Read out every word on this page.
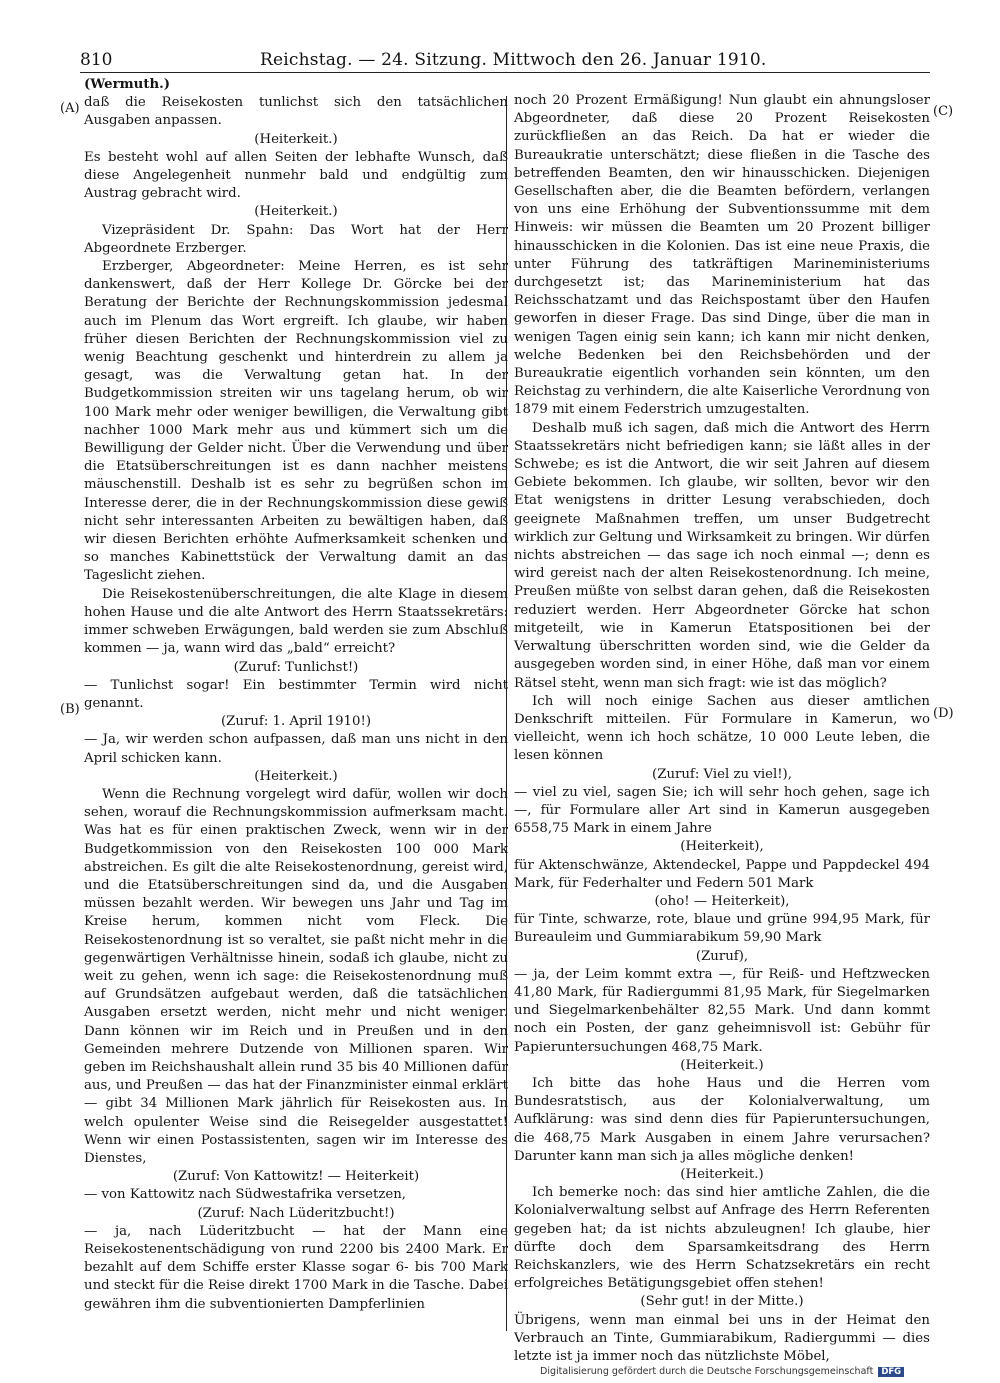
810	Reichstag. — 24. Sitzung. Mittwoch den 26. Januar 1910.
(A)
(B)
(C)
(D)

(Wermuth.)

daß die Reisekosten tunlichst sich den tatsächlichen Ausgaben anpassen.

(Heiterkeit.)

Es besteht wohl auf allen Seiten der lebhafte Wunsch, daß diese Angelegenheit nunmehr bald und endgültig zum Austrag gebracht wird.

(Heiterkeit.)

Vizepräsident Dr. Spahn: Das Wort hat der Herr Abgeordnete Erzberger.

Erzberger, Abgeordneter: Meine Herren, es ist sehr dankenswert, daß der Herr Kollege Dr. Görcke bei der Beratung der Berichte der Rechnungskommission jedesmal auch im Plenum das Wort ergreift. Ich glaube, wir haben früher diesen Berichten der Rechnungskommission viel zu wenig Beachtung geschenkt und hinterdrein zu allem ja gesagt, was die Verwaltung getan hat. In der Budgetkommission streiten wir uns tagelang herum, ob wir 100 Mark mehr oder weniger bewilligen, die Verwaltung gibt nachher 1000 Mark mehr aus und kümmert sich um die Bewilligung der Gelder nicht. Über die Verwendung und über die Etatsüberschreitungen ist es dann nachher meistens mäuschenstill. Deshalb ist es sehr zu begrüßen schon im Interesse derer, die in der Rechnungskommission diese gewiß nicht sehr interessanten Arbeiten zu bewältigen haben, daß wir diesen Berichten erhöhte Aufmerksamkeit schenken und so manches Kabinettstück der Verwaltung damit an das Tageslicht ziehen.

Die Reisekostenüberschreitungen, die alte Klage in diesem hohen Hause und die alte Antwort des Herrn Staatssekretärs: immer schweben Erwägungen, bald werden sie zum Abschluß kommen — ja, wann wird das „bald“ erreicht?

(Zuruf: Tunlichst!)

— Tunlichst sogar! Ein bestimmter Termin wird nicht genannt.

(Zuruf: 1. April 1910!)

— Ja, wir werden schon aufpassen, daß man uns nicht in den April schicken kann.

(Heiterkeit.)

Wenn die Rechnung vorgelegt wird dafür, wollen wir doch sehen, worauf die Rechnungskommission aufmerksam macht. Was hat es für einen praktischen Zweck, wenn wir in der Budgetkommission von den Reisekosten 100 000 Mark abstreichen. Es gilt die alte Reisekostenordnung, gereist wird, und die Etatsüberschreitungen sind da, und die Ausgaben müssen bezahlt werden. Wir bewegen uns Jahr und Tag im Kreise herum, kommen nicht vom Fleck. Die Reisekostenordnung ist so veraltet, sie paßt nicht mehr in die gegenwärtigen Verhältnisse hinein, sodaß ich glaube, nicht zu weit zu gehen, wenn ich sage: die Reisekostenordnung muß auf Grundsätzen aufgebaut werden, daß die tatsächlichen Ausgaben ersetzt werden, nicht mehr und nicht weniger. Dann können wir im Reich und in Preußen und in den Gemeinden mehrere Dutzende von Millionen sparen. Wir geben im Reichshaushalt allein rund 35 bis 40 Millionen dafür aus, und Preußen — das hat der Finanzminister einmal erklärt — gibt 34 Millionen Mark jährlich für Reisekosten aus. In welch opulenter Weise sind die Reisegelder ausgestattet! Wenn wir einen Postassistenten, sagen wir im Interesse des Dienstes,

(Zuruf: Von Kattowitz! — Heiterkeit)

— von Kattowitz nach Südwestafrika versetzen,

(Zuruf: Nach Lüderitzbucht!)

— ja, nach Lüderitzbucht — hat der Mann eine Reisekostenentschädigung von rund 2200 bis 2400 Mark. Er bezahlt auf dem Schiffe erster Klasse sogar 6- bis 700 Mark und steckt für die Reise direkt 1700 Mark in die Tasche. Dabei gewähren ihm die subventionierten Dampferlinien

noch 20 Prozent Ermäßigung! Nun glaubt ein ahnungsloser Abgeordneter, daß diese 20 Prozent Reisekosten zurückfließen an das Reich. Da hat er wieder die Bureaukratie unterschätzt; diese fließen in die Tasche des betreffenden Beamten, den wir hinausschicken. Diejenigen Gesellschaften aber, die die Beamten befördern, verlangen von uns eine Erhöhung der Subventionssumme mit dem Hinweis: wir müssen die Beamten um 20 Prozent billiger hinausschicken in die Kolonien. Das ist eine neue Praxis, die unter Führung des tatkräftigen Marineministeriums durchgesetzt ist; das Marineministerium hat das Reichsschatzamt und das Reichspostamt über den Haufen geworfen in dieser Frage. Das sind Dinge, über die man in wenigen Tagen einig sein kann; ich kann mir nicht denken, welche Bedenken bei den Reichsbehörden und der Bureaukratie eigentlich vorhanden sein könnten, um den Reichstag zu verhindern, die alte Kaiserliche Verordnung von 1879 mit einem Federstrich umzugestalten.

Deshalb muß ich sagen, daß mich die Antwort des Herrn Staatssekretärs nicht befriedigen kann; sie läßt alles in der Schwebe; es ist die Antwort, die wir seit Jahren auf diesem Gebiete bekommen. Ich glaube, wir sollten, bevor wir den Etat wenigstens in dritter Lesung verabschieden, doch geeignete Maßnahmen treffen, um unser Budgetrecht wirklich zur Geltung und Wirksamkeit zu bringen. Wir dürfen nichts abstreichen — das sage ich noch einmal —; denn es wird gereist nach der alten Reisekostenordnung. Ich meine, Preußen müßte von selbst daran gehen, daß die Reisekosten reduziert werden. Herr Abgeordneter Görcke hat schon mitgeteilt, wie in Kamerun Etatspositionen bei der Verwaltung überschritten worden sind, wie die Gelder da ausgegeben worden sind, in einer Höhe, daß man vor einem Rätsel steht, wenn man sich fragt: wie ist das möglich?

Ich will noch einige Sachen aus dieser amtlichen Denkschrift mitteilen. Für Formulare in Kamerun, wo vielleicht, wenn ich hoch schätze, 10 000 Leute leben, die lesen können

(Zuruf: Viel zu viel!),

— viel zu viel, sagen Sie; ich will sehr hoch gehen, sage ich —, für Formulare aller Art sind in Kamerun ausgegeben 6558,75 Mark in einem Jahre

(Heiterkeit),

für Aktenschwänze, Aktendeckel, Pappe und Pappdeckel 494 Mark, für Federhalter und Federn 501 Mark

(oho! — Heiterkeit),

für Tinte, schwarze, rote, blaue und grüne 994,95 Mark, für Bureauleim und Gummiarabikum 59,90 Mark

(Zuruf),

— ja, der Leim kommt extra —, für Reiß- und Heftzwecken 41,80 Mark, für Radiergummi 81,95 Mark, für Siegelmarken und Siegelmarkenbehälter 82,55 Mark. Und dann kommt noch ein Posten, der ganz geheimnisvoll ist: Gebühr für Papieruntersuchungen 468,75 Mark.

(Heiterkeit.)

Ich bitte das hohe Haus und die Herren vom Bundesratstisch, aus der Kolonialverwaltung, um Aufklärung: was sind denn dies für Papieruntersuchungen, die 468,75 Mark Ausgaben in einem Jahre verursachen? Darunter kann man sich ja alles mögliche denken!

(Heiterkeit.)

Ich bemerke noch: das sind hier amtliche Zahlen, die die Kolonialverwaltung selbst auf Anfrage des Herrn Referenten gegeben hat; da ist nichts abzuleugnen! Ich glaube, hier dürfte doch dem Sparsamkeitsdrang des Herrn Reichskanzlers, wie des Herrn Schatzsekretärs ein recht erfolgreiches Betätigungsgebiet offen stehen!

(Sehr gut! in der Mitte.)

Übrigens, wenn man einmal bei uns in der Heimat den Verbrauch an Tinte, Gummiarabikum, Radiergummi — dies letzte ist ja immer noch das nützlichste Möbel,

Digitalisierung gefördert durch die Deutsche Forschungsgemeinschaft DFG
